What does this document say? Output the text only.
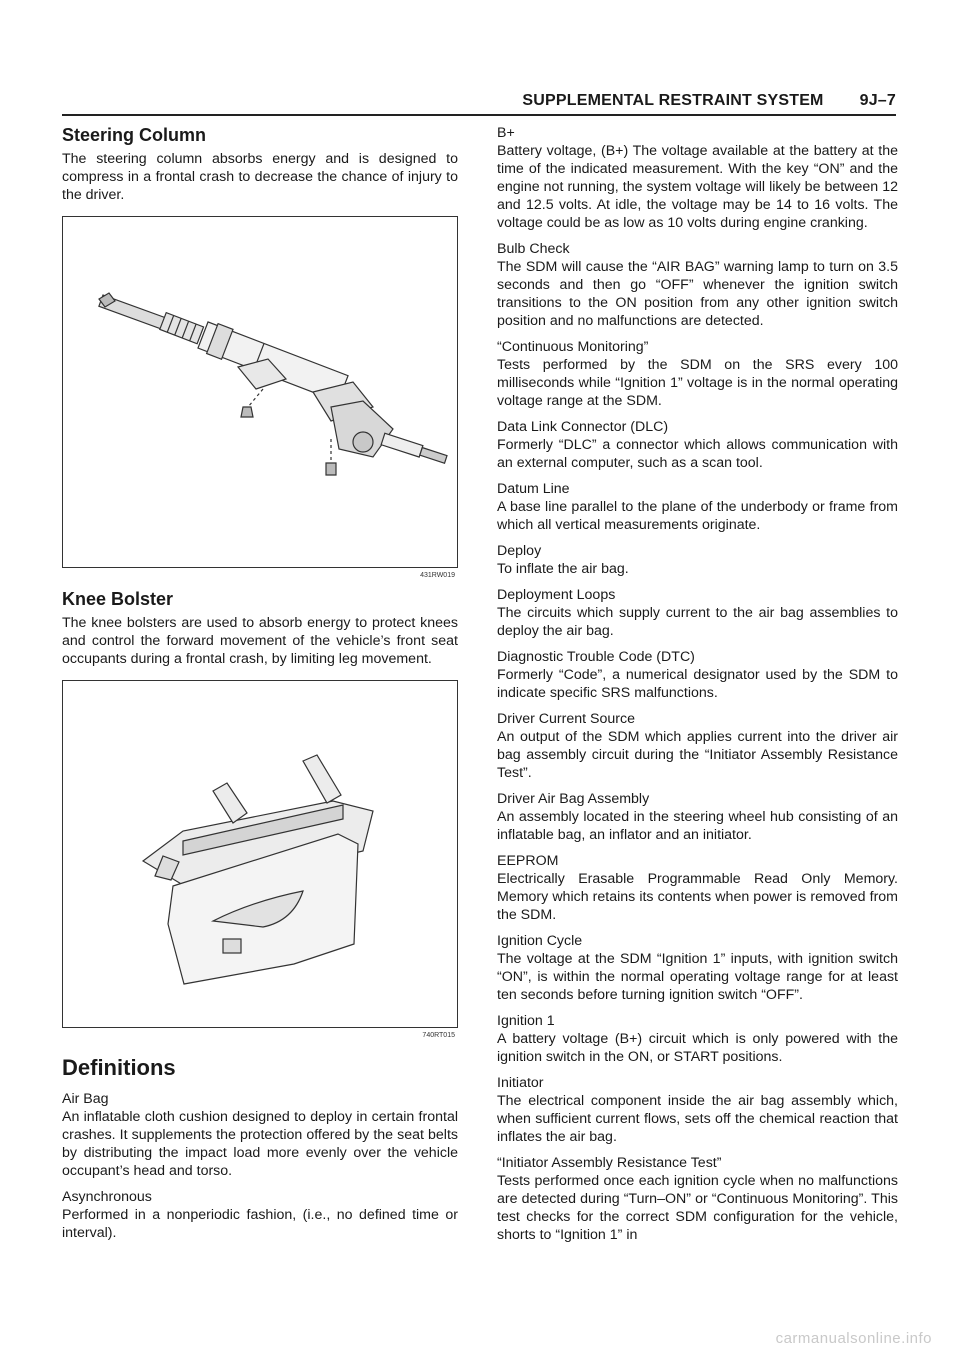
SUPPLEMENTAL RESTRAINT SYSTEM 9J–7
Steering Column

The steering column absorbs energy and is designed to compress in a frontal crash to decrease the chance of injury to the driver.

431RW019
Knee Bolster

The knee bolsters are used to absorb energy to protect knees and control the forward movement of the vehicle’s front seat occupants during a frontal crash, by limiting leg movement.

740RT015
Definitions

Air Bag

An inflatable cloth cushion designed to deploy in certain frontal crashes. It supplements the protection offered by the seat belts by distributing the impact load more evenly over the vehicle occupant’s head and torso.

Asynchronous

Performed in a nonperiodic fashion, (i.e., no defined time or interval).

B+

Battery voltage, (B+) The voltage available at the battery at the time of the indicated measurement. With the key “ON” and the engine not running, the system voltage will likely be between 12 and 12.5 volts. At idle, the voltage may be 14 to 16 volts. The voltage could be as low as 10 volts during engine cranking.

Bulb Check

The SDM will cause the “AIR BAG” warning lamp to turn on 3.5 seconds and then go “OFF” whenever the ignition switch transitions to the ON position from any other ignition switch position and no malfunctions are detected.

“Continuous Monitoring”

Tests performed by the SDM on the SRS every 100 milliseconds while “Ignition 1” voltage is in the normal operating voltage range at the SDM.

Data Link Connector (DLC)

Formerly “DLC” a connector which allows communication with an external computer, such as a scan tool.

Datum Line

A base line parallel to the plane of the underbody or frame from which all vertical measurements originate.

Deploy

To inflate the air bag.

Deployment Loops

The circuits which supply current to the air bag assemblies to deploy the air bag.

Diagnostic Trouble Code (DTC)

Formerly “Code”, a numerical designator used by the SDM to indicate specific SRS malfunctions.

Driver Current Source

An output of the SDM which applies current into the driver air bag assembly circuit during the “Initiator Assembly Resistance Test”.

Driver Air Bag Assembly

An assembly located in the steering wheel hub consisting of an inflatable bag, an inflator and an initiator.

EEPROM

Electrically Erasable Programmable Read Only Memory. Memory which retains its contents when power is removed from the SDM.

Ignition Cycle

The voltage at the SDM “Ignition 1” inputs, with ignition switch “ON”, is within the normal operating voltage range for at least ten seconds before turning ignition switch “OFF”.

Ignition 1

A battery voltage (B+) circuit which is only powered with the ignition switch in the ON, or START positions.

Initiator

The electrical component inside the air bag assembly which, when sufficient current flows, sets off the chemical reaction that inflates the air bag.

“Initiator Assembly Resistance Test”

Tests performed once each ignition cycle when no malfunctions are detected during “Turn–ON” or “Continuous Monitoring”. This test checks for the correct SDM configuration for the vehicle, shorts to “Ignition 1” in

carmanualsonline.info
